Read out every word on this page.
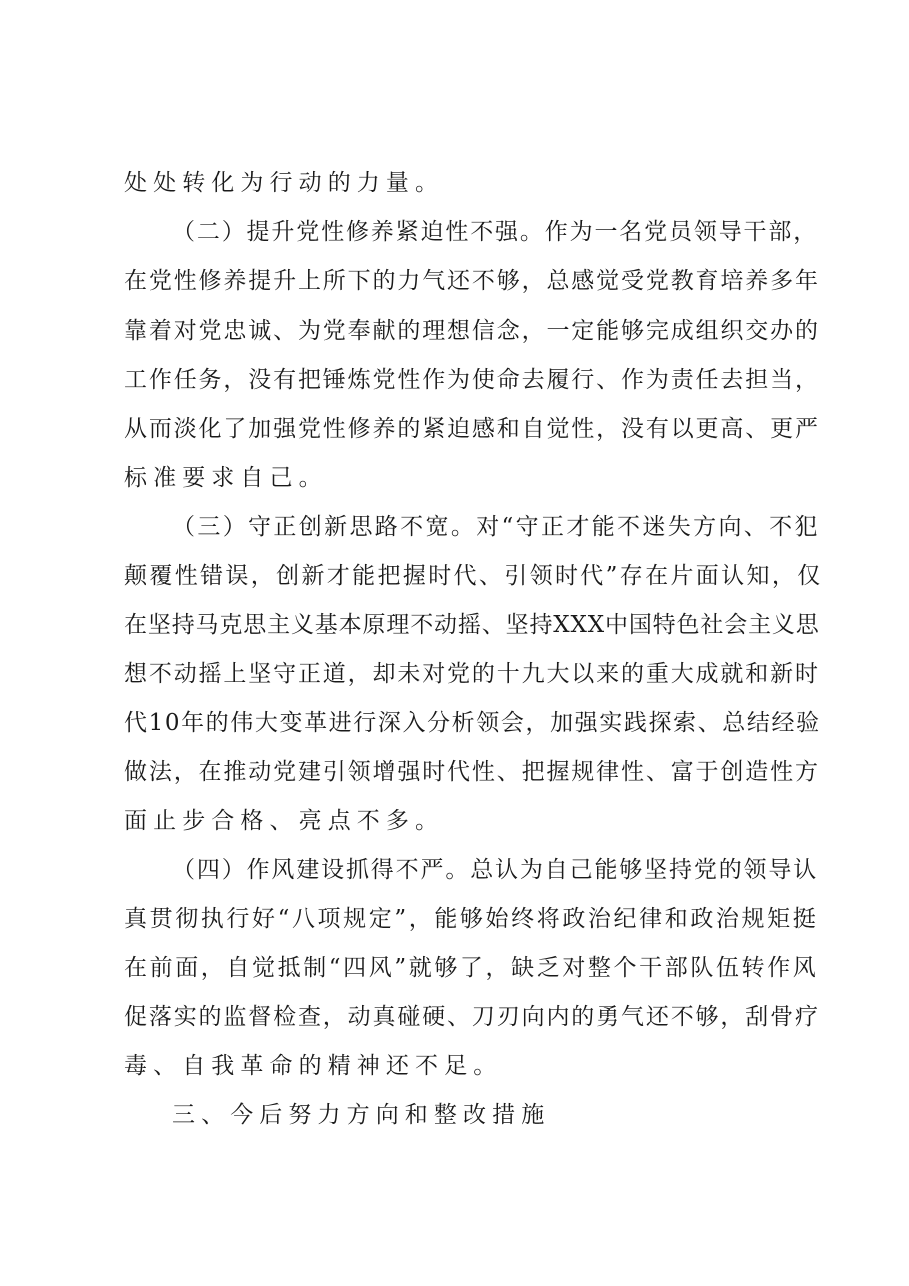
处处转化为行动的力量。
（二）提升党性修养紧迫性不强。作为一名党员领导干部，
在党性修养提升上所下的力气还不够，总感觉受党教育培养多年
靠着对党忠诚、为党奉献的理想信念，一定能够完成组织交办的
工作任务，没有把锤炼党性作为使命去履行、作为责任去担当，
从而淡化了加强党性修养的紧迫感和自觉性，没有以更高、更严
标准要求自己。
（三）守正创新思路不宽。对“守正才能不迷失方向、不犯
颠覆性错误，创新才能把握时代、引领时代”存在片面认知，仅
在坚持马克思主义基本原理不动摇、坚持XXX中国特色社会主义思
想不动摇上坚守正道，却未对党的十九大以来的重大成就和新时
代10年的伟大变革进行深入分析领会，加强实践探索、总结经验
做法，在推动党建引领增强时代性、把握规律性、富于创造性方
面止步合格、亮点不多。
（四）作风建设抓得不严。总认为自己能够坚持党的领导认
真贯彻执行好“八项规定”，能够始终将政治纪律和政治规矩挺
在前面，自觉抵制“四风”就够了，缺乏对整个干部队伍转作风
促落实的监督检查，动真碰硬、刀刃向内的勇气还不够，刮骨疗
毒、自我革命的精神还不足。
三、今后努力方向和整改措施
